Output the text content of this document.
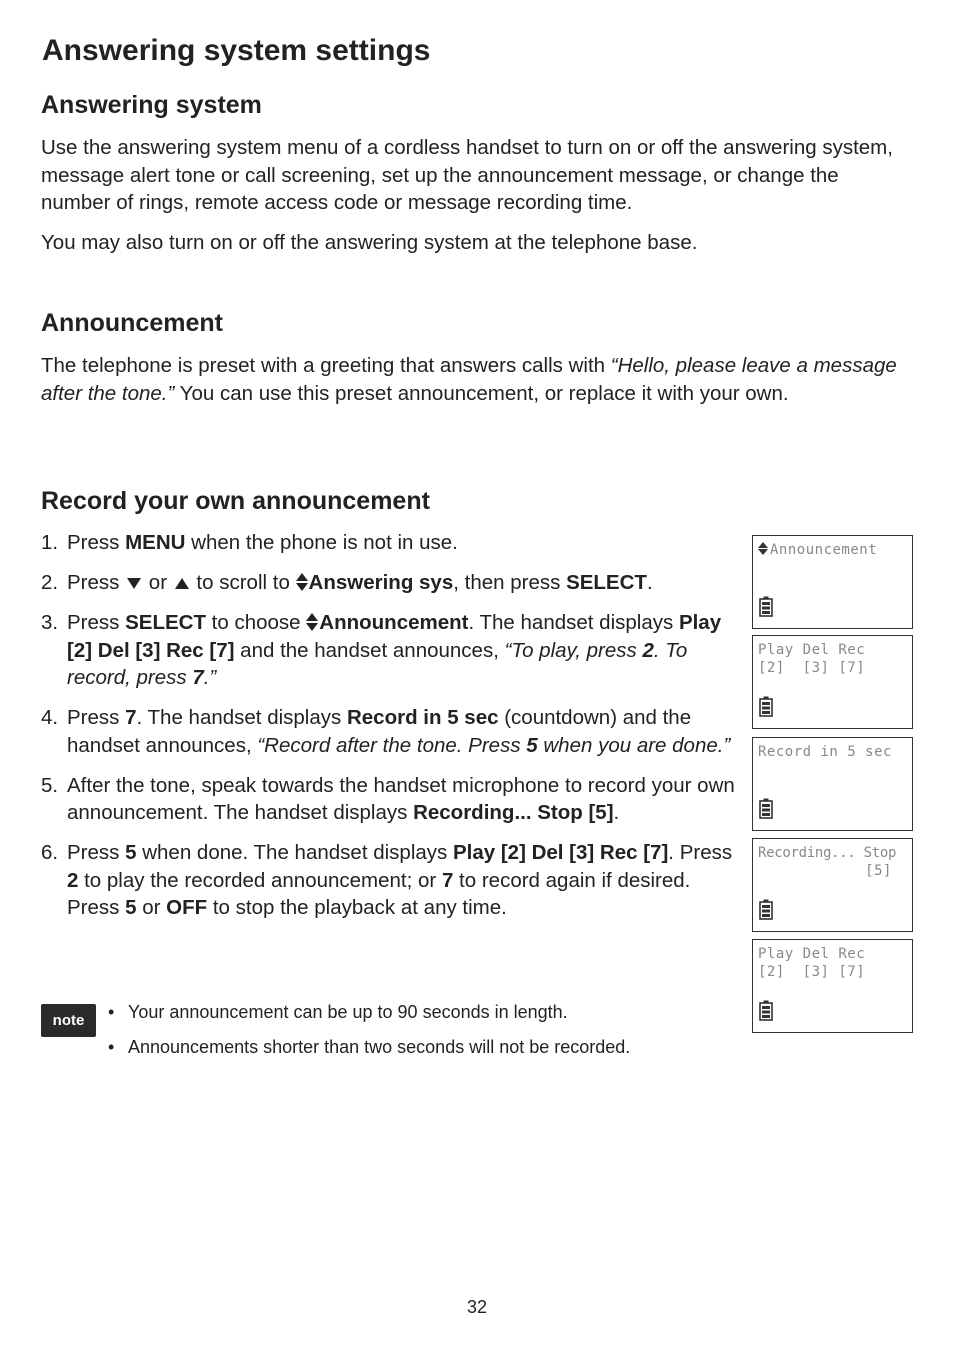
Answering system settings
Answering system

Use the answering system menu of a cordless handset to turn on or off the answering system, message alert tone or call screening, set up the announcement message, or change the number of rings, remote access code or message recording time.

You may also turn on or off the answering system at the telephone base.

Announcement

The telephone is preset with a greeting that answers calls with “Hello, please leave a message after the tone.” You can use this preset announcement, or replace it with your own.

Record your own announcement
1. Press MENU when the phone is not in use.
2. Press  or  to scroll to Answering sys, then press SELECT.
3. Press SELECT to choose Announcement. The handset displays Play [2] Del [3] Rec [7] and the handset announces, “To play, press 2. To record, press 7.”
4. Press 7. The handset displays Record in 5 sec (countdown) and the handset announces, “Record after the tone. Press 5 when you are done.”
5. After the tone, speak towards the handset microphone to record your own announcement. The handset displays Recording... Stop [5].
6. Press 5 when done. The handset displays Play [2] Del [3] Rec [7]. Press 2 to play the recorded announcement; or 7 to record again if desired. Press 5 or OFF to stop the playback at any time.
note
•	Your announcement can be up to 90 seconds in length.
• Announcements shorter than two seconds will not be recorded.
Announcement
Play Del Rec
[2]  [3] [7]
Record in 5 sec
Recording... Stop
[5]
Play Del Rec
[2]  [3] [7]
32
